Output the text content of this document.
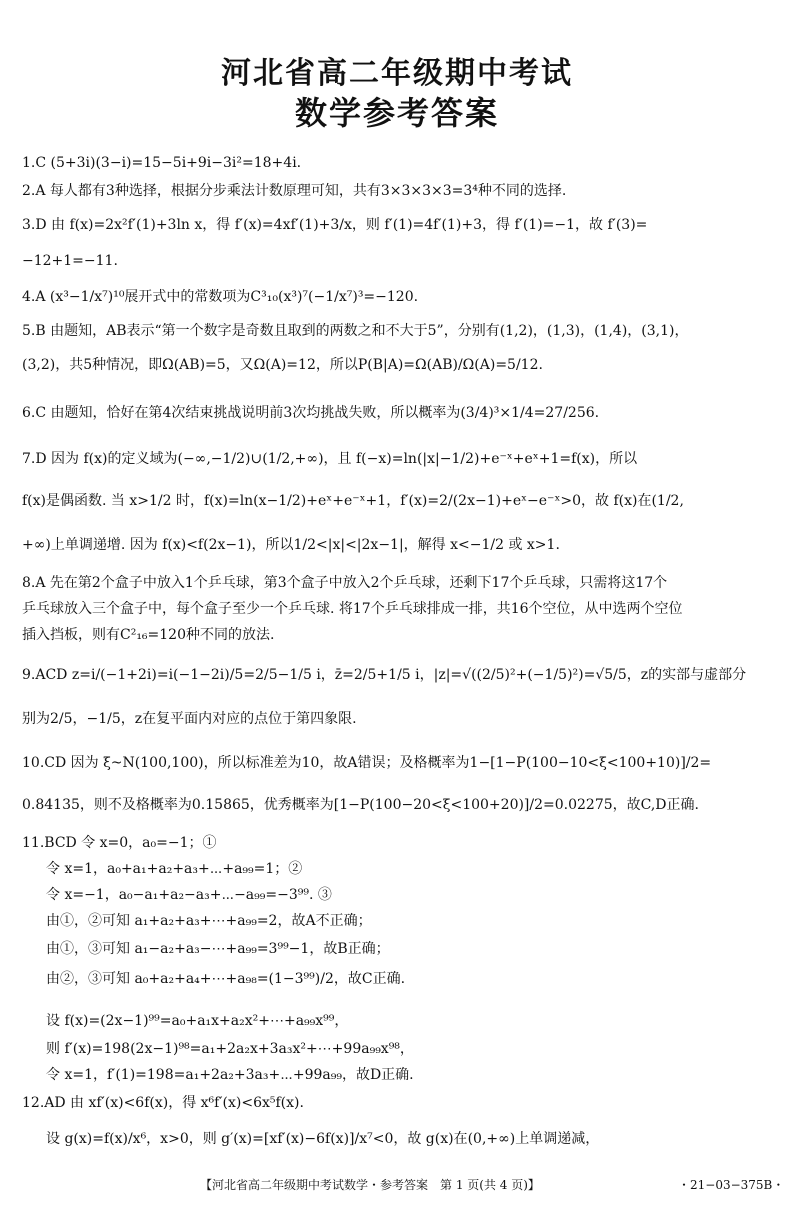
河北省高二年级期中考试
数学参考答案
1.C (5+3i)(3−i)=15−5i+9i−3i²=18+4i.
2.A 每人都有3种选择，根据分步乘法计数原理可知，共有3×3×3×3=3⁴种不同的选择.
3.D 由 f(x)=2x²f′(1)+3ln x，得 f′(x)=4xf′(1)+3/x，则 f′(1)=4f′(1)+3，得 f′(1)=−1，故 f′(3)=
−12+1=−11.
4.A (x³−1/x⁷)¹⁰展开式中的常数项为C³₁₀(x³)⁷(−1/x⁷)³=−120.
5.B 由题知，AB表示“第一个数字是奇数且取到的两数之和不大于5”，分别有(1,2)，(1,3)，(1,4)，(3,1)，
(3,2)，共5种情况，即Ω(AB)=5，又Ω(A)=12，所以P(B|A)=Ω(AB)/Ω(A)=5/12.
6.C 由题知，恰好在第4次结束挑战说明前3次均挑战失败，所以概率为(3/4)³×1/4=27/256.
7.D 因为 f(x)的定义域为(−∞,−1/2)∪(1/2,+∞)，且 f(−x)=ln(|x|−1/2)+e⁻ˣ+eˣ+1=f(x)，所以
f(x)是偶函数. 当 x>1/2 时，f(x)=ln(x−1/2)+eˣ+e⁻ˣ+1，f′(x)=2/(2x−1)+eˣ−e⁻ˣ>0，故 f(x)在(1/2,
+∞)上单调递增. 因为 f(x)<f(2x−1)，所以1/2<|x|<|2x−1|，解得 x<−1/2 或 x>1.
8.A 先在第2个盒子中放入1个乒乓球，第3个盒子中放入2个乒乓球，还剩下17个乒乓球，只需将这17个
乒乓球放入三个盒子中，每个盒子至少一个乒乓球. 将17个乒乓球排成一排，共16个空位，从中选两个空位
插入挡板，则有C²₁₆=120种不同的放法.
9.ACD z=i/(−1+2i)=i(−1−2i)/5=2/5−1/5 i，z̄=2/5+1/5 i，|z|=√((2/5)²+(−1/5)²)=√5/5，z的实部与虚部分
别为2/5，−1/5，z在复平面内对应的点位于第四象限.
10.CD 因为 ξ~N(100,100)，所以标准差为10，故A错误；及格概率为1−[1−P(100−10<ξ<100+10)]/2=
0.84135，则不及格概率为0.15865，优秀概率为[1−P(100−20<ξ<100+20)]/2=0.02275，故C,D正确.
11.BCD 令 x=0，a₀=−1；①
令 x=1，a₀+a₁+a₂+a₃+⋯+a₉₉=1；②
令 x=−1，a₀−a₁+a₂−a₃+⋯−a₉₉=−3⁹⁹. ③
由①，②可知 a₁+a₂+a₃+⋯+a₉₉=2，故A不正确；
由①，③可知 a₁−a₂+a₃−⋯+a₉₉=3⁹⁹−1，故B正确；
由②，③可知 a₀+a₂+a₄+⋯+a₉₈=(1−3⁹⁹)/2，故C正确.
设 f(x)=(2x−1)⁹⁹=a₀+a₁x+a₂x²+⋯+a₉₉x⁹⁹，
则 f′(x)=198(2x−1)⁹⁸=a₁+2a₂x+3a₃x²+⋯+99a₉₉x⁹⁸，
令 x=1，f′(1)=198=a₁+2a₂+3a₃+⋯+99a₉₉，故D正确.
12.AD 由 xf′(x)<6f(x)，得 x⁶f′(x)<6x⁵f(x).
设 g(x)=f(x)/x⁶，x>0，则 g′(x)=[xf′(x)−6f(x)]/x⁷<0，故 g(x)在(0,+∞)上单调递减，
【河北省高二年级期中考试数学・参考答案　第 1 页(共 4 页)】	・21−03−375B・
